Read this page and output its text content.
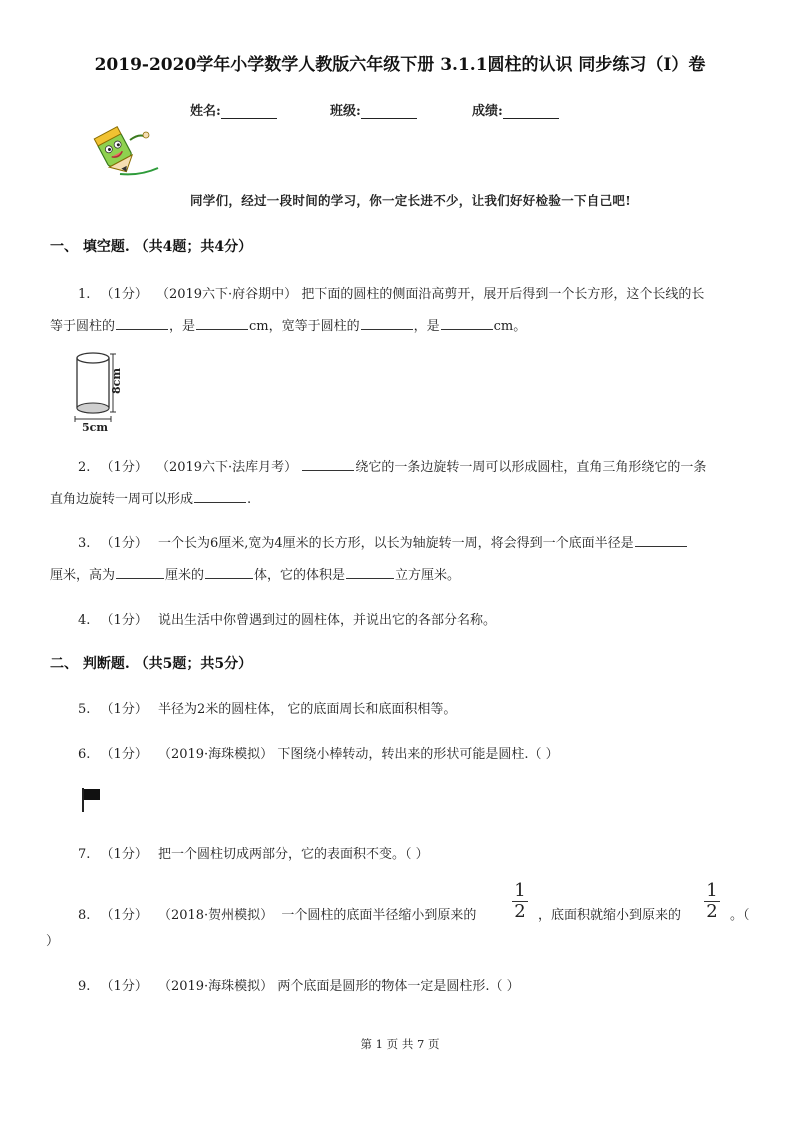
2019-2020学年小学数学人教版六年级下册 3.1.1圆柱的认识 同步练习（I）卷
姓名:	班级:	成绩:
同学们，经过一段时间的学习，你一定长进不少，让我们好好检验一下自己吧!
一、 填空题. （共4题；共4分）
1. （1分） （2019六下·府谷期中） 把下面的圆柱的侧面沿高剪开，展开后得到一个长方形，这个长线的长
等于圆柱的	，是	cm，宽等于圆柱的	，是	cm。
8cm
5cm
2. （1分） （2019六下·法库月考）	绕它的一条边旋转一周可以形成圆柱，直角三角形绕它的一条
直角边旋转一周可以形成	.
3. （1分） 一个长为6厘米,宽为4厘米的长方形，以长为轴旋转一周，将会得到一个底面半径是
厘米，高为	厘米的	体，它的体积是	立方厘米。
4. （1分） 说出生活中你曾遇到过的圆柱体，并说出它的各部分名称。
二、 判断题. （共5题；共5分）
5. （1分） 半径为2米的圆柱体， 它的底面周长和底面积相等。
6. （1分） （2019·海珠模拟） 下图绕小棒转动，转出来的形状可能是圆柱.（ ）
7. （1分） 把一个圆柱切成两部分，它的表面积不变。（ ）
8. （1分） （2018·贺州模拟） 一个圆柱的底面半径缩小到原来的
1
2 ，底面积就缩小到原来的
1
2 。（
）
9. （1分） （2019·海珠模拟） 两个底面是圆形的物体一定是圆柱形.（ ）
第 1 页 共 7 页
